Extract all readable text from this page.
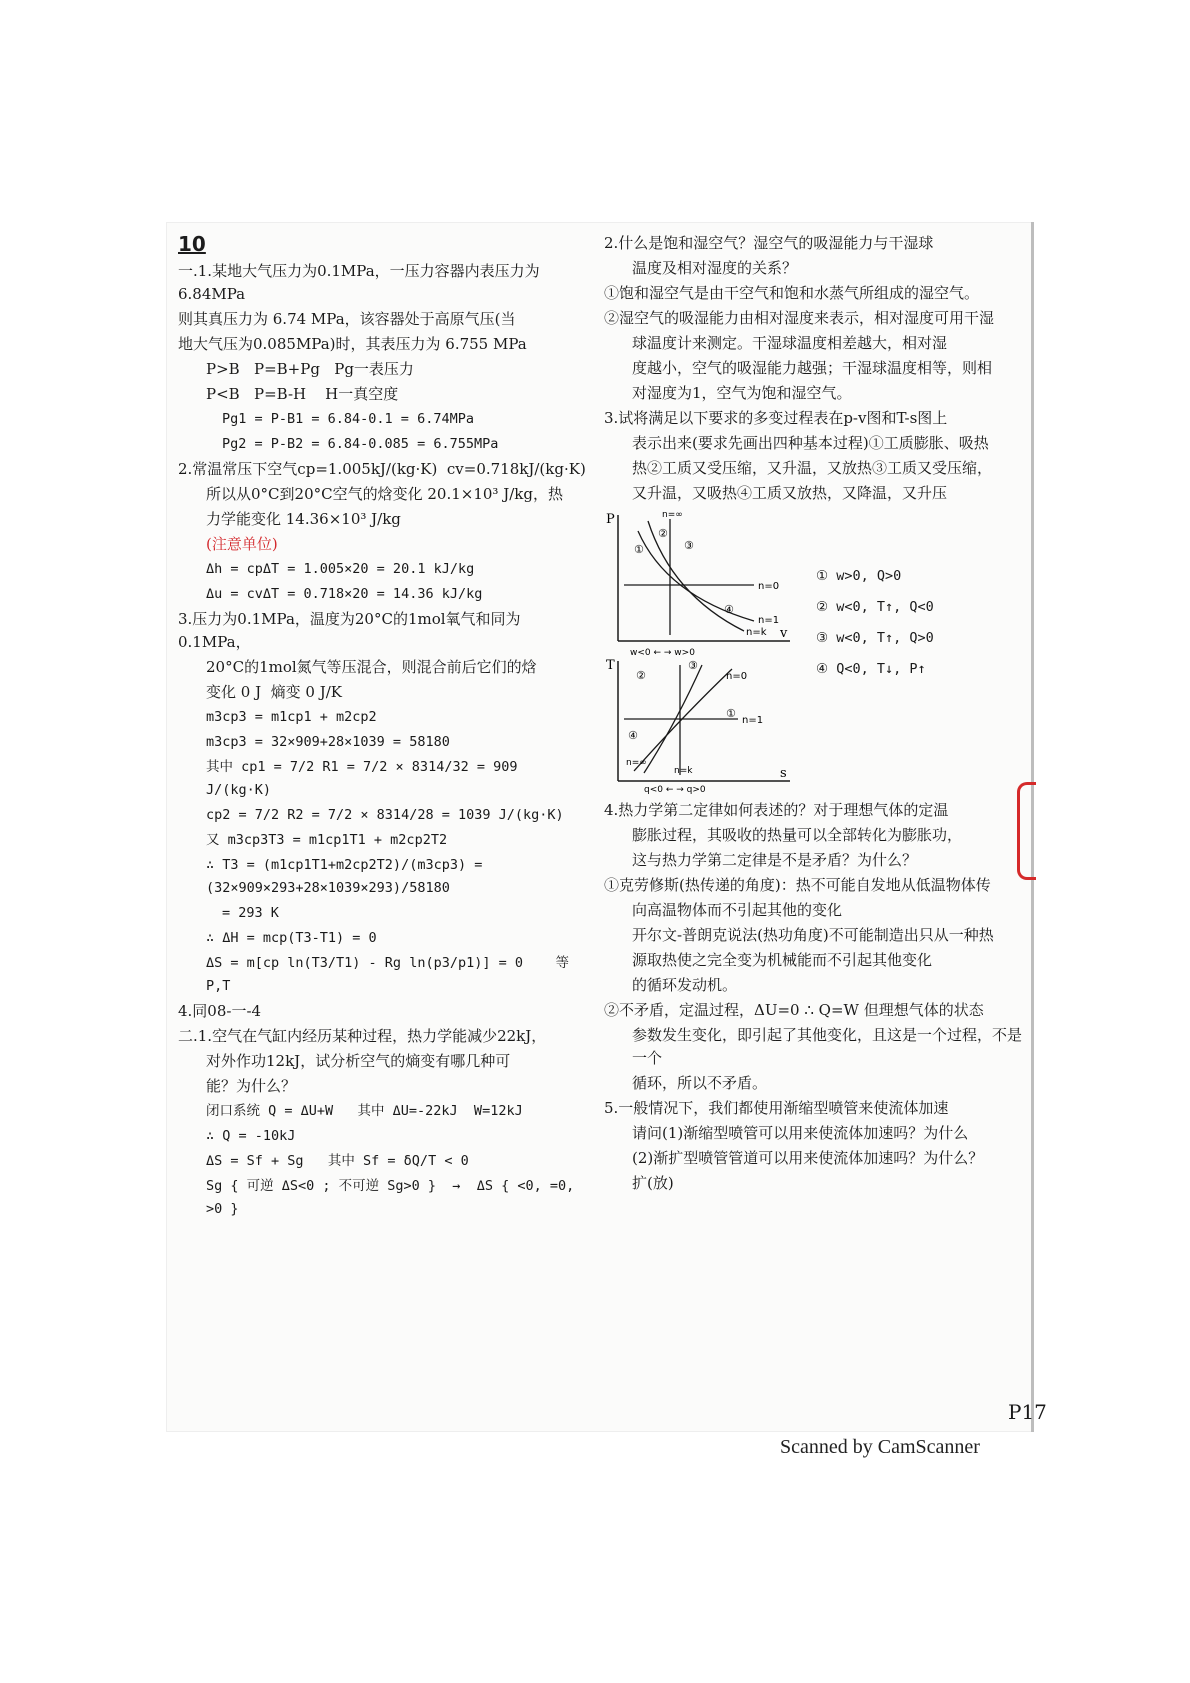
10
一.1.某地大气压力为0.1MPa，一压力容器内表压力为6.84MPa
则其真压力为 6.74 MPa，该容器处于高原气压(当
地大气压为0.085MPa)时，其表压力为 6.755 MPa
P>B   P=B+Pg   Pg一表压力
P<B   P=B-H    H一真空度
Pg1 = P-B1 = 6.84-0.1 = 6.74MPa
Pg2 = P-B2 = 6.84-0.085 = 6.755MPa
2.常温常压下空气cp=1.005kJ/(kg·K)  cv=0.718kJ/(kg·K)
所以从0°C到20°C空气的焓变化 20.1×10³ J/kg，热
力学能变化 14.36×10³ J/kg
(注意单位)
Δh = cpΔT = 1.005×20 = 20.1 kJ/kg
Δu = cvΔT = 0.718×20 = 14.36 kJ/kg
3.压力为0.1MPa，温度为20°C的1mol氧气和同为0.1MPa，
20°C的1mol氮气等压混合，则混合前后它们的焓
变化 0 J  熵变 0 J/K
m3cp3 = m1cp1 + m2cp2
m3cp3 = 32×909+28×1039 = 58180
其中 cp1 = 7/2 R1 = 7/2 × 8314/32 = 909 J/(kg·K)
cp2 = 7/2 R2 = 7/2 × 8314/28 = 1039 J/(kg·K)
又 m3cp3T3 = m1cp1T1 + m2cp2T2
∴ T3 = (m1cp1T1+m2cp2T2)/(m3cp3) = (32×909×293+28×1039×293)/58180
= 293 K
∴ ΔH = mcp(T3-T1) = 0
ΔS = m[cp ln(T3/T1) - Rg ln(p3/p1)] = 0    等P,T
4.同08-一-4
二.1.空气在气缸内经历某种过程，热力学能减少22kJ，
对外作功12kJ，试分析空气的熵变有哪几种可
能？为什么？
闭口系统 Q = ΔU+W   其中 ΔU=-22kJ  W=12kJ
∴ Q = -10kJ
ΔS = Sf + Sg   其中 Sf = δQ/T < 0
Sg { 可逆 ΔS<0 ; 不可逆 Sg>0 }  →  ΔS { <0, =0, >0 }
2.什么是饱和湿空气？湿空气的吸湿能力与干湿球
温度及相对湿度的关系？
①饱和湿空气是由干空气和饱和水蒸气所组成的湿空气。
②湿空气的吸湿能力由相对湿度来表示，相对湿度可用干湿
球温度计来测定。干湿球温度相差越大，相对湿
度越小，空气的吸湿能力越强；干湿球温度相等，则相
对湿度为1，空气为饱和湿空气。
3.试将满足以下要求的多变过程表在p-v图和T-s图上
表示出来(要求先画出四种基本过程)①工质膨胀、吸热
热②工质又受压缩，又升温，又放热③工质又受压缩，
又升温，又吸热④工质又放热，又降温，又升压
P
v
n=0
n=1
n=k
n=∞
①
②
③
④
w<0 ← → w>0
T
s
n=1
n=k
n=0
n=∞
①
②
③
④
q<0 ← → q>0
① w>0, Q>0
② w<0, T↑, Q<0
③ w<0, T↑, Q>0
④ Q<0, T↓, P↑
4.热力学第二定律如何表述的？对于理想气体的定温
膨胀过程，其吸收的热量可以全部转化为膨胀功，
这与热力学第二定律是不是矛盾？为什么？
①克劳修斯(热传递的角度)：热不可能自发地从低温物体传
向高温物体而不引起其他的变化
开尔文-普朗克说法(热功角度)不可能制造出只从一种热
源取热使之完全变为机械能而不引起其他变化
的循环发动机。
②不矛盾，定温过程，ΔU=0 ∴ Q=W 但理想气体的状态
参数发生变化，即引起了其他变化，且这是一个过程，不是一个
循环，所以不矛盾。
5.一般情况下，我们都使用渐缩型喷管来使流体加速
请问(1)渐缩型喷管可以用来使流体加速吗？为什么
(2)渐扩型喷管管道可以用来使流体加速吗？为什么？
扩(放)
P17
Scanned by CamScanner
